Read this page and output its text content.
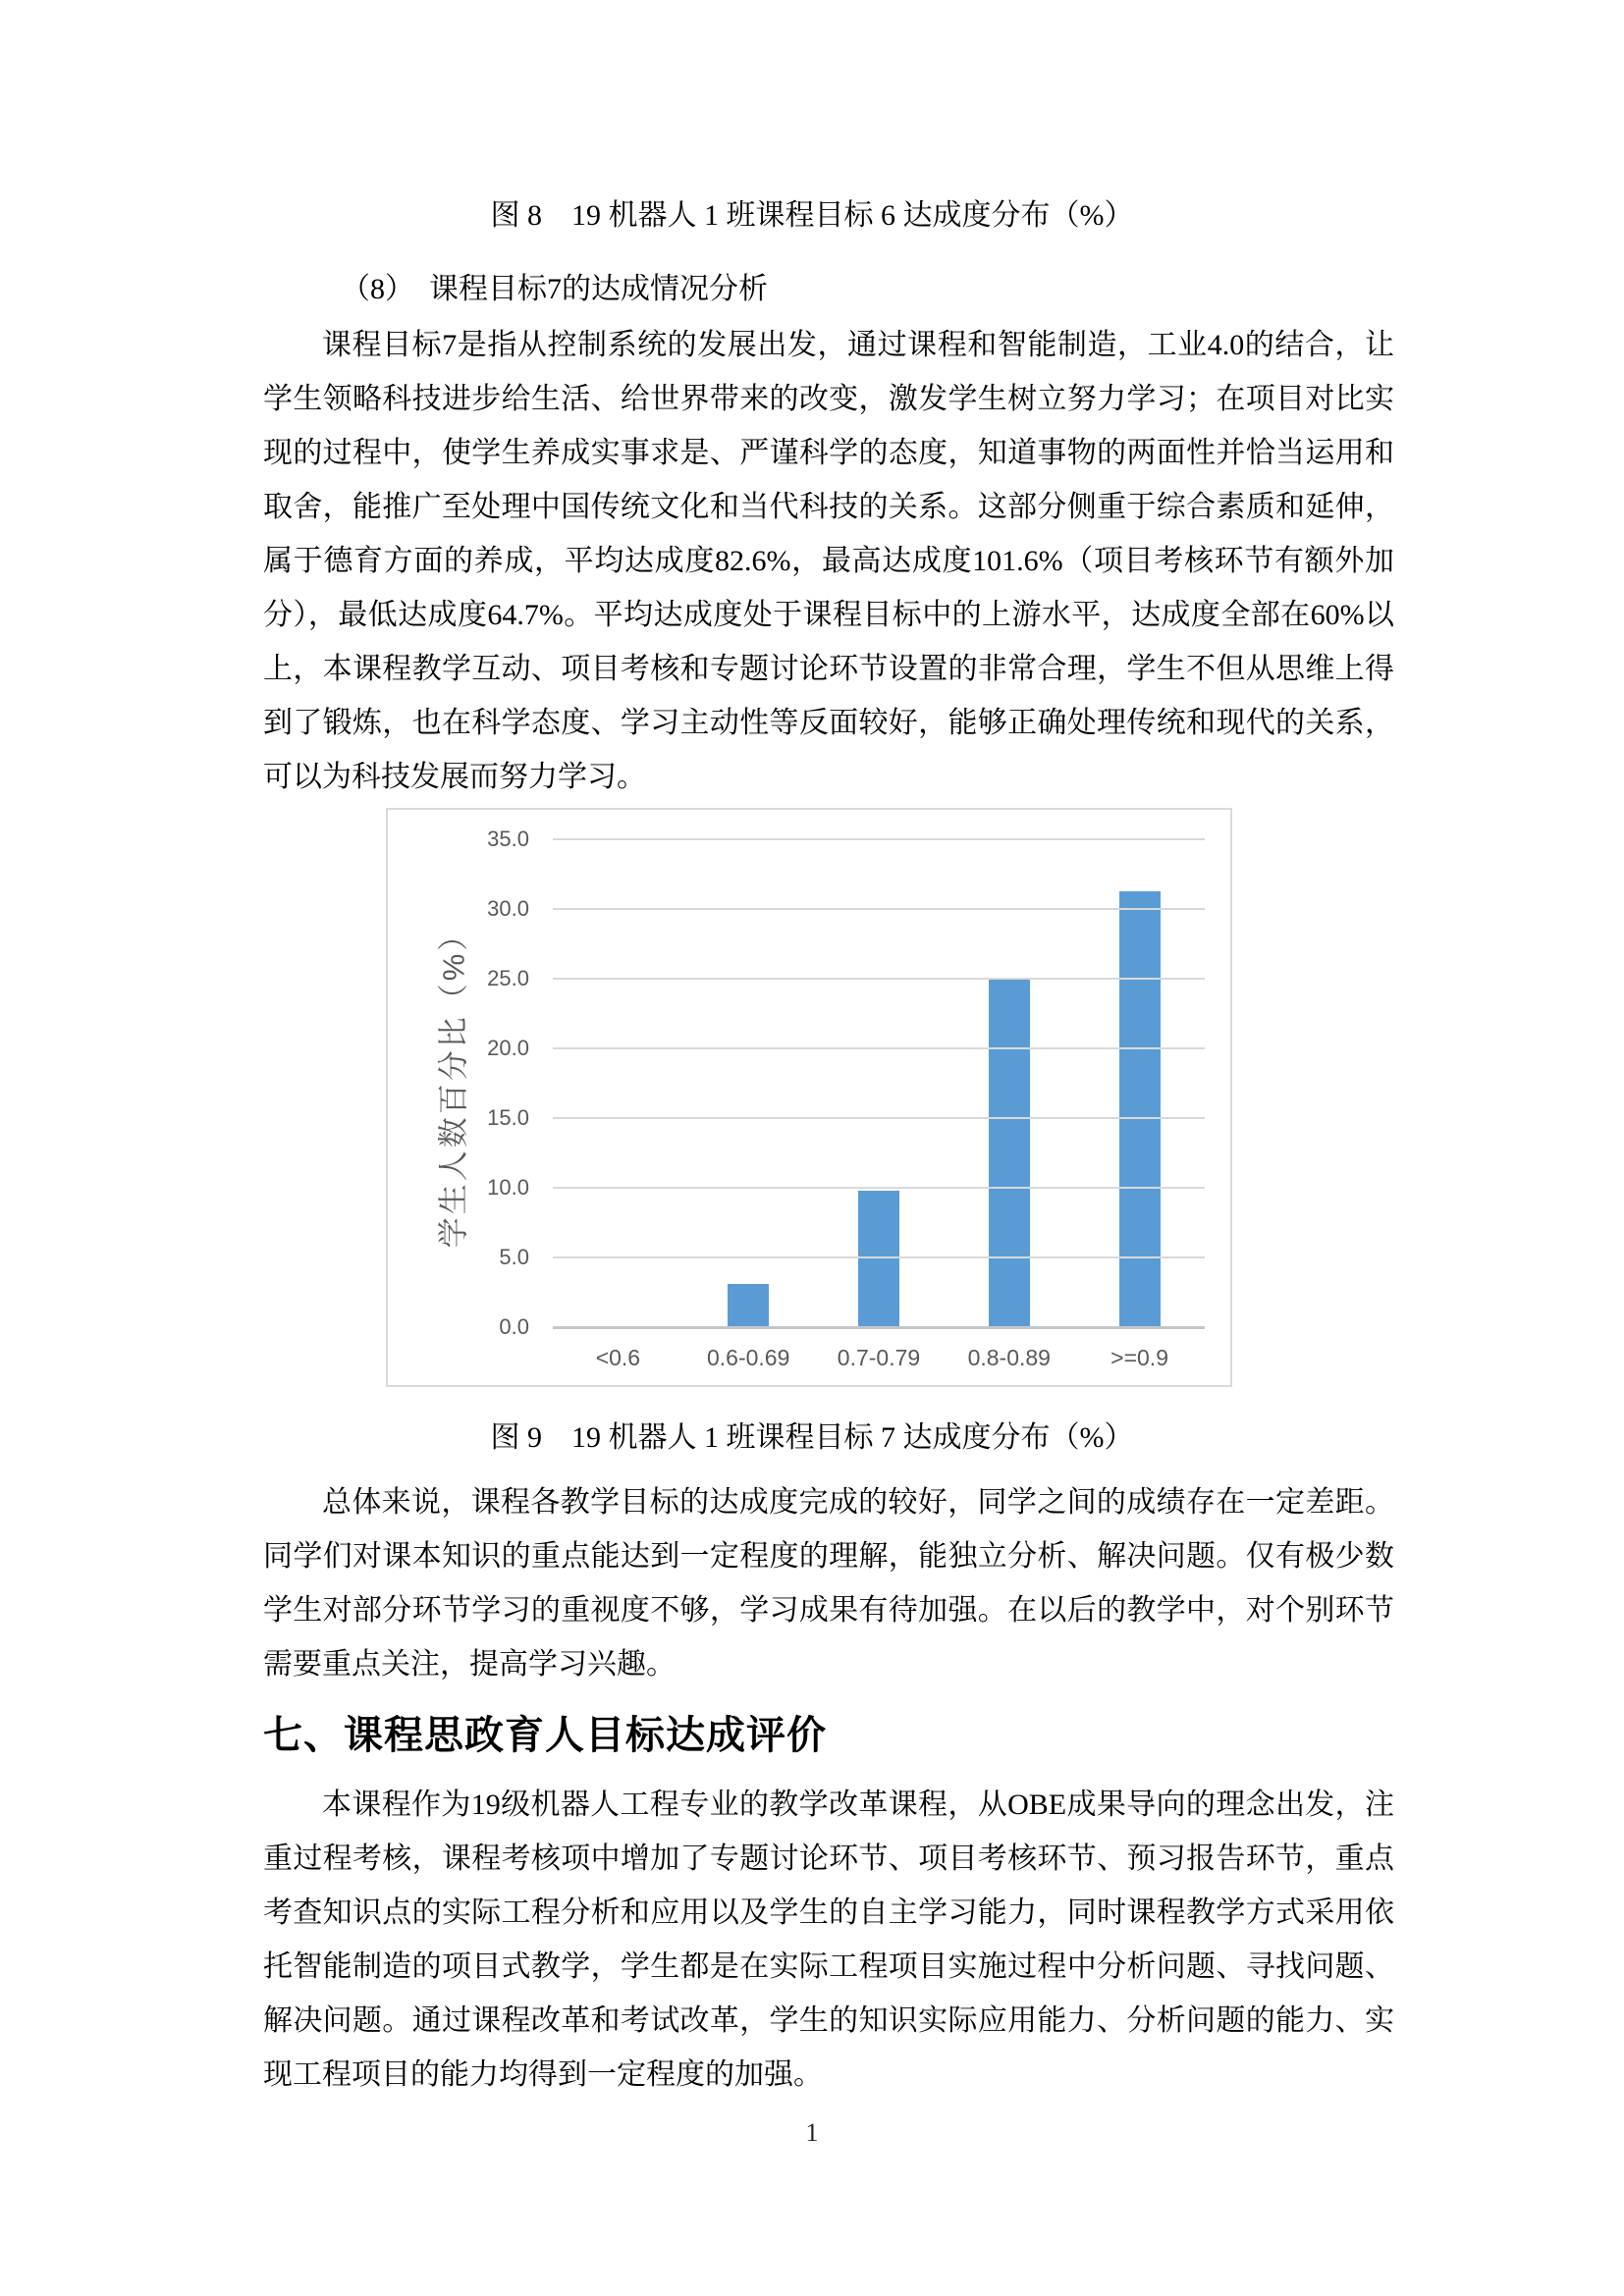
图 8　19 机器人 1 班课程目标 6 达成度分布（%）
（8）　课程目标7的达成情况分析
课程目标7是指从控制系统的发展出发，通过课程和智能制造，工业4.0的结合，让学生领略科技进步给生活、给世界带来的改变，激发学生树立努力学习；在项目对比实现的过程中，使学生养成实事求是、严谨科学的态度，知道事物的两面性并恰当运用和取舍，能推广至处理中国传统文化和当代科技的关系。这部分侧重于综合素质和延伸，属于德育方面的养成，平均达成度82.6%，最高达成度101.6%（项目考核环节有额外加分），最低达成度64.7%。平均达成度处于课程目标中的上游水平，达成度全部在60%以上，本课程教学互动、项目考核和专题讨论环节设置的非常合理，学生不但从思维上得到了锻炼，也在科学态度、学习主动性等反面较好，能够正确处理传统和现代的关系，可以为科技发展而努力学习。
学生人数百分比（%）
35.0
30.0
25.0
20.0
15.0
10.0
5.0
0.0
<0.6	0.6-0.69	0.7-0.79	0.8-0.89	>=0.9
图 9　19 机器人 1 班课程目标 7 达成度分布（%）
总体来说，课程各教学目标的达成度完成的较好，同学之间的成绩存在一定差距。同学们对课本知识的重点能达到一定程度的理解，能独立分析、解决问题。仅有极少数学生对部分环节学习的重视度不够，学习成果有待加强。在以后的教学中，对个别环节需要重点关注，提高学习兴趣。
七、课程思政育人目标达成评价
本课程作为19级机器人工程专业的教学改革课程，从OBE成果导向的理念出发，注重过程考核，课程考核项中增加了专题讨论环节、项目考核环节、预习报告环节，重点考查知识点的实际工程分析和应用以及学生的自主学习能力，同时课程教学方式采用依托智能制造的项目式教学，学生都是在实际工程项目实施过程中分析问题、寻找问题、解决问题。通过课程改革和考试改革，学生的知识实际应用能力、分析问题的能力、实现工程项目的能力均得到一定程度的加强。
1
